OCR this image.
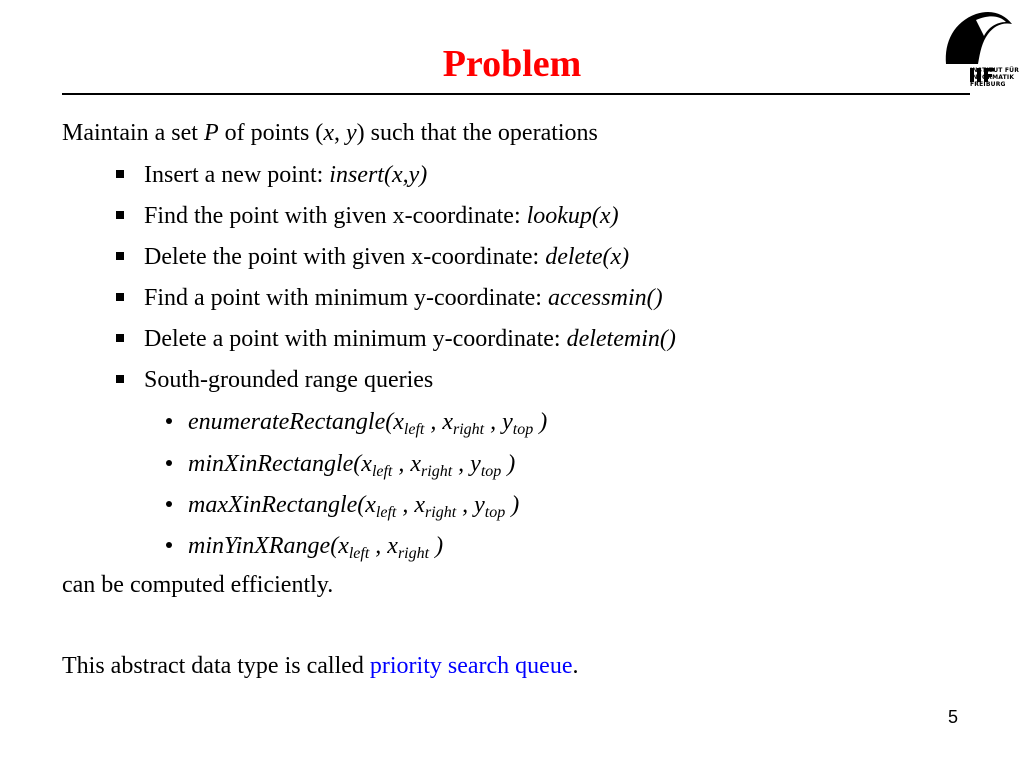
Problem	INSTITUT FÜR
INFORMATIK
FREIBURG
Maintain a set P of points (x, y) such that the operations
Insert a new point: insert(x,y)
Find the point with given x-coordinate: lookup(x)
Delete the point with given x-coordinate: delete(x)
Find a point with minimum y-coordinate: accessmin()
Delete a point with minimum y-coordinate: deletemin()
South-grounded range queries
$enumerateRectangle(x_{left}$ , $x_{right}$ , $y_{top}$ )
$minXinRectangle(x_{left}$ , $x_{right}$ , $y_{top}$ )
$maxXinRectangle(x_{left}$ , $x_{right}$ , $y_{top}$ )
$minYinXRange(x_{left}$ , $x_{right}$ )
can be computed efficiently.
This abstract data type is called priority search queue.
5
